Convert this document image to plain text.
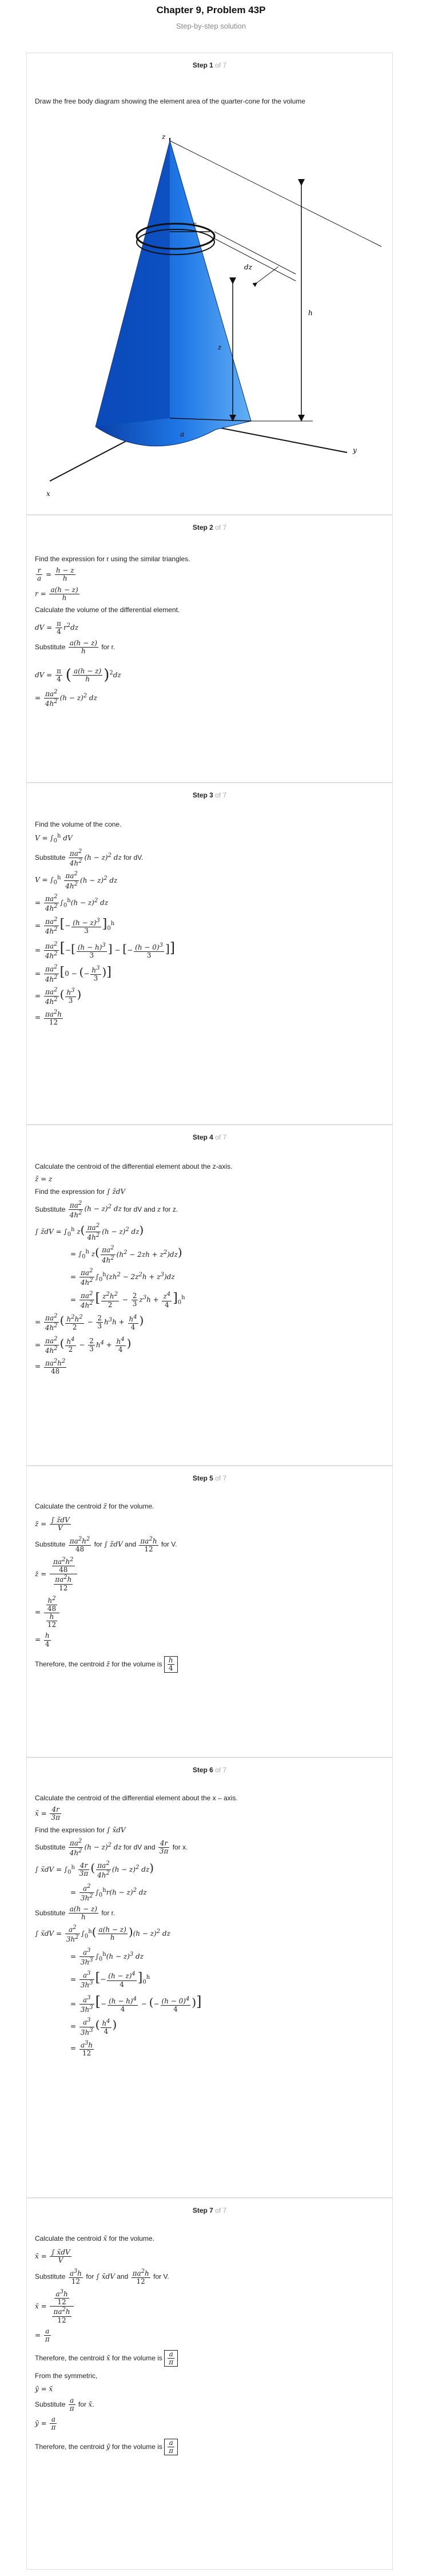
Chapter 9, Problem 43P
Step-by-step solution
Step 1 of 7

Draw the free body diagram showing the element area of the quarter-cone for the volume

z
y
x
r
dz
h
z
a
Step 2 of 7

Find the expression for r using the similar triangles.

$\frac{r}{a} = \frac{h - z}{h}$
$r = \frac{a(h - z)}{h}$

Calculate the volume of the differential element.

dV = $\frac{\pi}{4} r^2dz$
Substitute $\frac{a(h - z)}{h}$ for r.
dV = $\frac{\pi}{4}$ ( $\frac{a(h - z)}{h} )^2dz$
= $\frac{\pi a^2}{4h^2} (h - z)^2$ dz
Step 3 of 7

Find the volume of the cone.

$V = \int_0^h$ dV
Substitute $\frac{\pi a^2}{4h^2} (h - z)^2$ dz for dV.
$V = \int_0^h \frac{\pi a^2}{4h^2} (h - z)^2$ dz
= $\frac{\pi a^2}{4h^2} \int_0^h(h - z)^2$ dz
= $\frac{\pi a^2}{4h^2}$ [− $\frac{(h - z)^3}{3} ]_0^h$
= $\frac{\pi a^2}{4h^2}$ [−[ $\frac{(h - h)^3}{3}$ ] − [− $\frac{(h - 0)^3}{3}$ ]]
= $\frac{\pi a^2}{4h^2} [0$ − (− $\frac{h^3}{3}$ )]
= $\frac{\pi a^2}{4h^2}$ ( $\frac{h^3}{3}$ )
= $\frac{\pi a^2h}{12}$
Step 4 of 7

Calculate the centroid of the differential element about the z-axis.

z̃ = z
Find the expression for ∫ z̃dV
Substitute $\frac{\pi a^2}{4h^2} (h - z)^2$ dz for dV and z for z.
∫ z̃dV = $\int_0^h$ $z( \frac{\pi a^2}{4h^2} (h - z)^2$ dz)
= $\int_0^h$ $z( \frac{\pi a^2}{4h^2} (h^2 - 2zh + z^2)dz)$
= $\frac{\pi a^2}{4h^2} \int_0^h(zh^2 - 2z^2h + z^3)dz$
= $\frac{\pi a^2}{4h^2}$ [ $\frac{z^2h^2}{2} - \frac{2}{3} z^3h + \frac{z^4}{4} ]_0^h$
= $\frac{\pi a^2}{4h^2}$ ( $\frac{h^2h^2}{2} - \frac{2}{3} h^3h + \frac{h^4}{4}$ )
= $\frac{\pi a^2}{4h^2}$ ( $\frac{h^4}{2} - \frac{2}{3} h^4 + \frac{h^4}{4}$ )
= $\frac{\pi a^2h^2}{48}$
Step 5 of 7

Calculate the centroid z̄ for the volume.

z̄ = $\frac{\int z̃dV}{V}$
Substitute $\frac{\pi a^2h^2}{48}$ for ∫ z̃dV and $\frac{\pi a^2h}{12}$ for V.
z̄ = $\frac{\frac{\pi a^2h^2}{48}}{\frac{\pi a^2h}{12}}$
= $\frac{\frac{h^2}{48}}{\frac{h}{12}}$
= $\frac{h}{4}$
Therefore, the centroid z̄ for the volume is $\frac{h}{4}$
Step 6 of 7

Calculate the centroid of the differential element about the x – axis.

x̃ = $\frac{4r}{3\pi}$
Find the expression for ∫ x̃dV
Substitute $\frac{\pi a^2}{4h^2} (h - z)^2$ dz for dV and $\frac{4r}{3\pi}$ for x.
∫ x̃dV = $\int_0^h \frac{4r}{3\pi}$ ( $\frac{\pi a^2}{4h^2} (h - z)^2$ dz)
= $\frac{a^2}{3h^2} \int_0^hr(h - z)^2$ dz
Substitute $\frac{a(h - z)}{h}$ for r.
∫ x̃dV = $\frac{a^2}{3h^2} \int_0^h( \frac{a(h - z)}{h} )(h - z)^2$ dz
= $\frac{a^3}{3h^3} \int_0^h(h - z)^3$ dz
= $\frac{a^3}{3h^3}$ [− $\frac{(h - z)^4}{4} ]_0^h$
= $\frac{a^3}{3h^3}$ [− $\frac{(h - h)^4}{4}$ − (− $\frac{(h - 0)^4}{4}$ )]
= $\frac{a^3}{3h^3}$ ( $\frac{h^4}{4}$ )
= $\frac{a^3h}{12}$
Step 7 of 7

Calculate the centroid x̄ for the volume.

x̄ = $\frac{\int x̃dV}{V}$
Substitute $\frac{a^3h}{12}$ for ∫ x̃dV and $\frac{\pi a^2h}{12}$ for V.
x̄ = $\frac{\frac{a^3h}{12}}{\frac{\pi a^2h}{12}}$
= $\frac{a}{\pi}$
Therefore, the centroid x̄ for the volume is $\frac{a}{\pi}$

From the symmetric,

ȳ = x̄
Substitute $\frac{a}{\pi}$ for x̄.
ȳ = $\frac{a}{\pi}$
Therefore, the centroid ȳ for the volume is $\frac{a}{\pi}$
